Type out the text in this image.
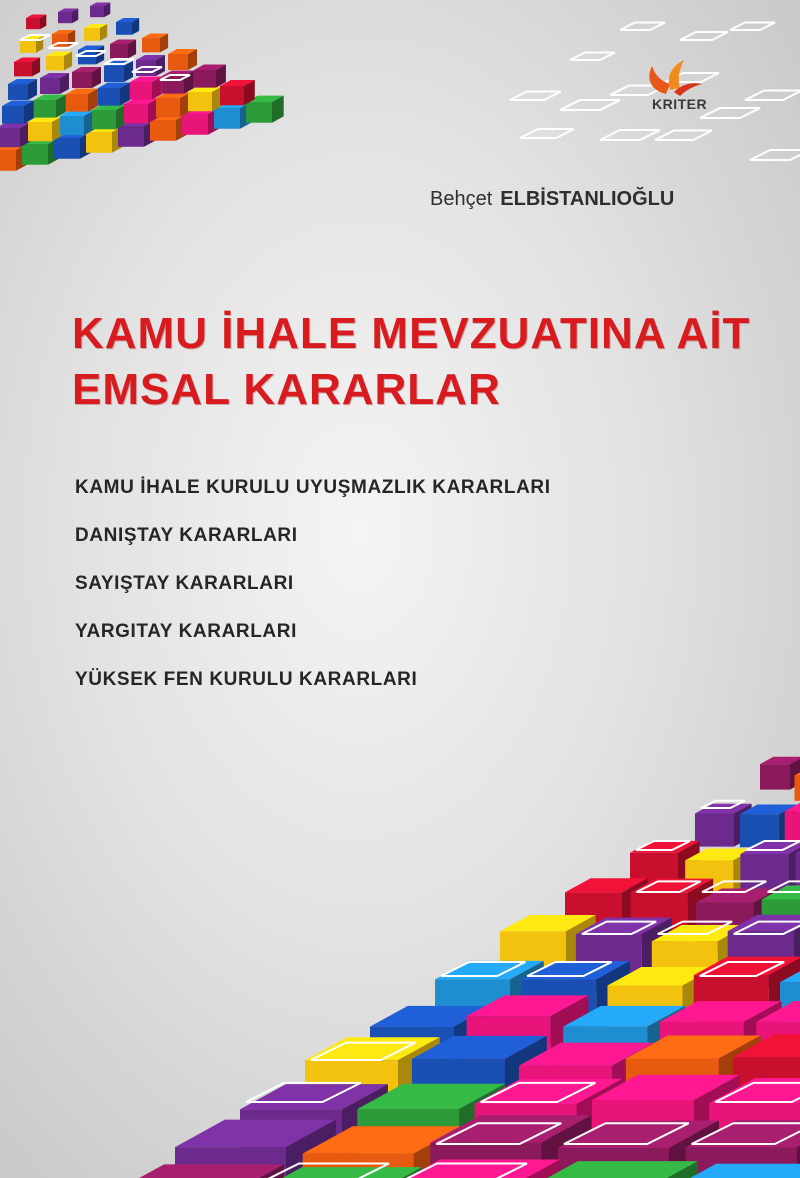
KRITER
Behçet ELBİSTANLIOĞLU
KAMU İHALE MEVZUATINA AİT
EMSAL KARARLAR
KAMU İHALE KURULU UYUŞMAZLIK KARARLARI
DANIŞTAY KARARLARI
SAYIŞTAY KARARLARI
YARGITAY KARARLARI
YÜKSEK FEN KURULU KARARLARI
